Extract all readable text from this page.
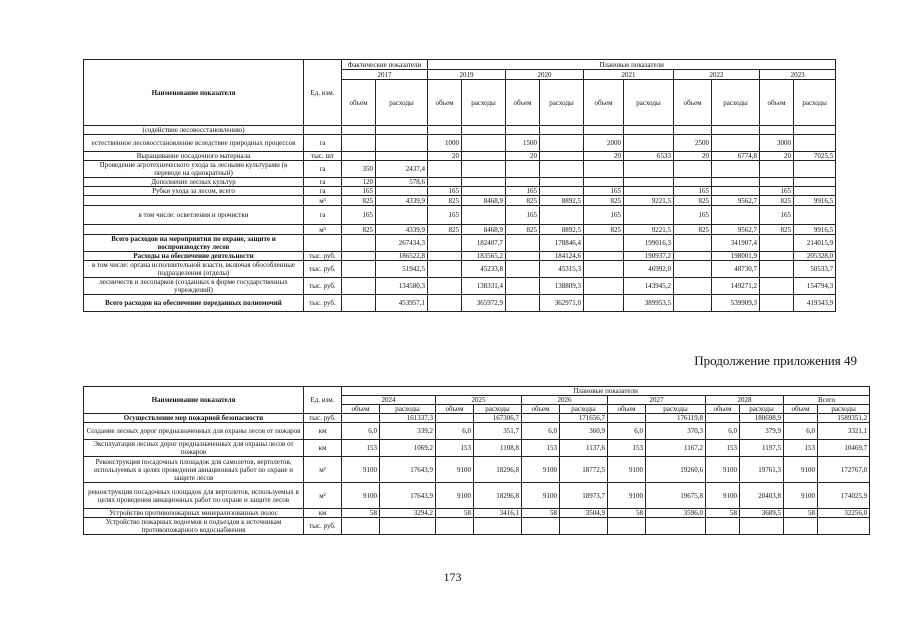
Наименование показателя	Ед. изм.	Фактические показатели		Плановые показатели									
		2017		2019		2020		2021		2022		2023	
		объем	расходы	объем	расходы	объем	расходы	объем	расходы	объем	расходы	объем	расходы
(содействие лесовосстановлению)													
естественное лесовосстановление вследствие природных процессов	га			1000		1500		2000		2500		3000	
Выращивание посадочного материала	тыс. шт			20		20		20	6533	20	6774,8	20	7025,5
Проведение агротехнического ухода за лесными культурами (в переводе на однократный)	га	350	2437,4										
Дополнение лесных культур	га	120	578,6										
Рубки ухода за лесом, всего	га	165		165		165		165		165		165	
	м³	825	4339,9	825	8468,9	825	8892,5	825	9221,5	825	9562,7	825	9916,5
в том числе: осветления и прочистки	га	165		165		165		165		165		165	
	м³	825	4339,9	825	8468,9	825	8892,5	825	9221,5	825	9562,7	825	9916,5
Всего расходов на мероприятия по охране, защите и воспроизводству лесов			267434,3		182407,7		178846,4		199016,3		341907,4		214015,9
Расходы на обеспечение деятельности	тыс. руб.		186522,8		183565,2		184124,6		190937,2		198001,9		205328,0
в том числе: органа исполнительной власти, включая обособленные подразделения (отделы)	тыс. руб.		51942,5		45233,8		45315,3		46992,0		48730,7		50533,7
лесничеств и лесопарков (созданных в форме государственных учреждений)	тыс. руб.		134580,3		138331,4		138809,3		143945,2		149271,2		154794,3
Всего расходов на обеспечение переданных полномочий	тыс. руб.		453957,1		365972,9		362971,0		389953,5		539909,3		419343,9
Продолжение приложения 49
Наименование показателя	Ед. изм.	Плановые показатели											
		2024		2025		2026		2027		2028		Всего	
		объем	расходы	объем	расходы	объем	расходы	объем	расходы	объем	расходы	объем	расходы
Осуществление мер пожарной безопасности	тыс. руб.		161337,3		167306,7		171656,7		176119,8		180698,9		1589351,2
Создание лесных дорог предназначенных для охраны лесов от пожаров	км	6,0	339,2	6,0	351,7	6,0	360,9	6,0	370,3	6,0	379,9	6,0	3321,1
Эксплуатация лесных дорог предназначенных для охраны лесов от пожаров	км	153	1069,2	153	1108,8	153	1137,6	153	1167,2	153	1197,5	153	10469,7
Реконструкция посадочных площадок для самолетов, вертолетов, используемых в целях проведения авиационных работ по охране и защите лесов	м²	9100	17643,9	9100	18296,8	9100	18772,5	9100	19260,6	9100	19761,3	9100	172767,0
реконструкция посадочных площадок для вертолетов, используемых в целях проведения авиационных работ по охране и защите лесов	м²	9100	17643,9	9100	18296,8	9100	18973,7	9100	19675,8	9100	20403,8	9100	174025,9
Устройство противопожарных минерализованных полос	км	58	3294,2	58	3416,1	58	3504,9	58	3596,0	58	3689,5	58	32256,0
Устройство пожарных водоемов и подъездов к источникам противопожарного водоснабжения	тыс. руб.												
173
